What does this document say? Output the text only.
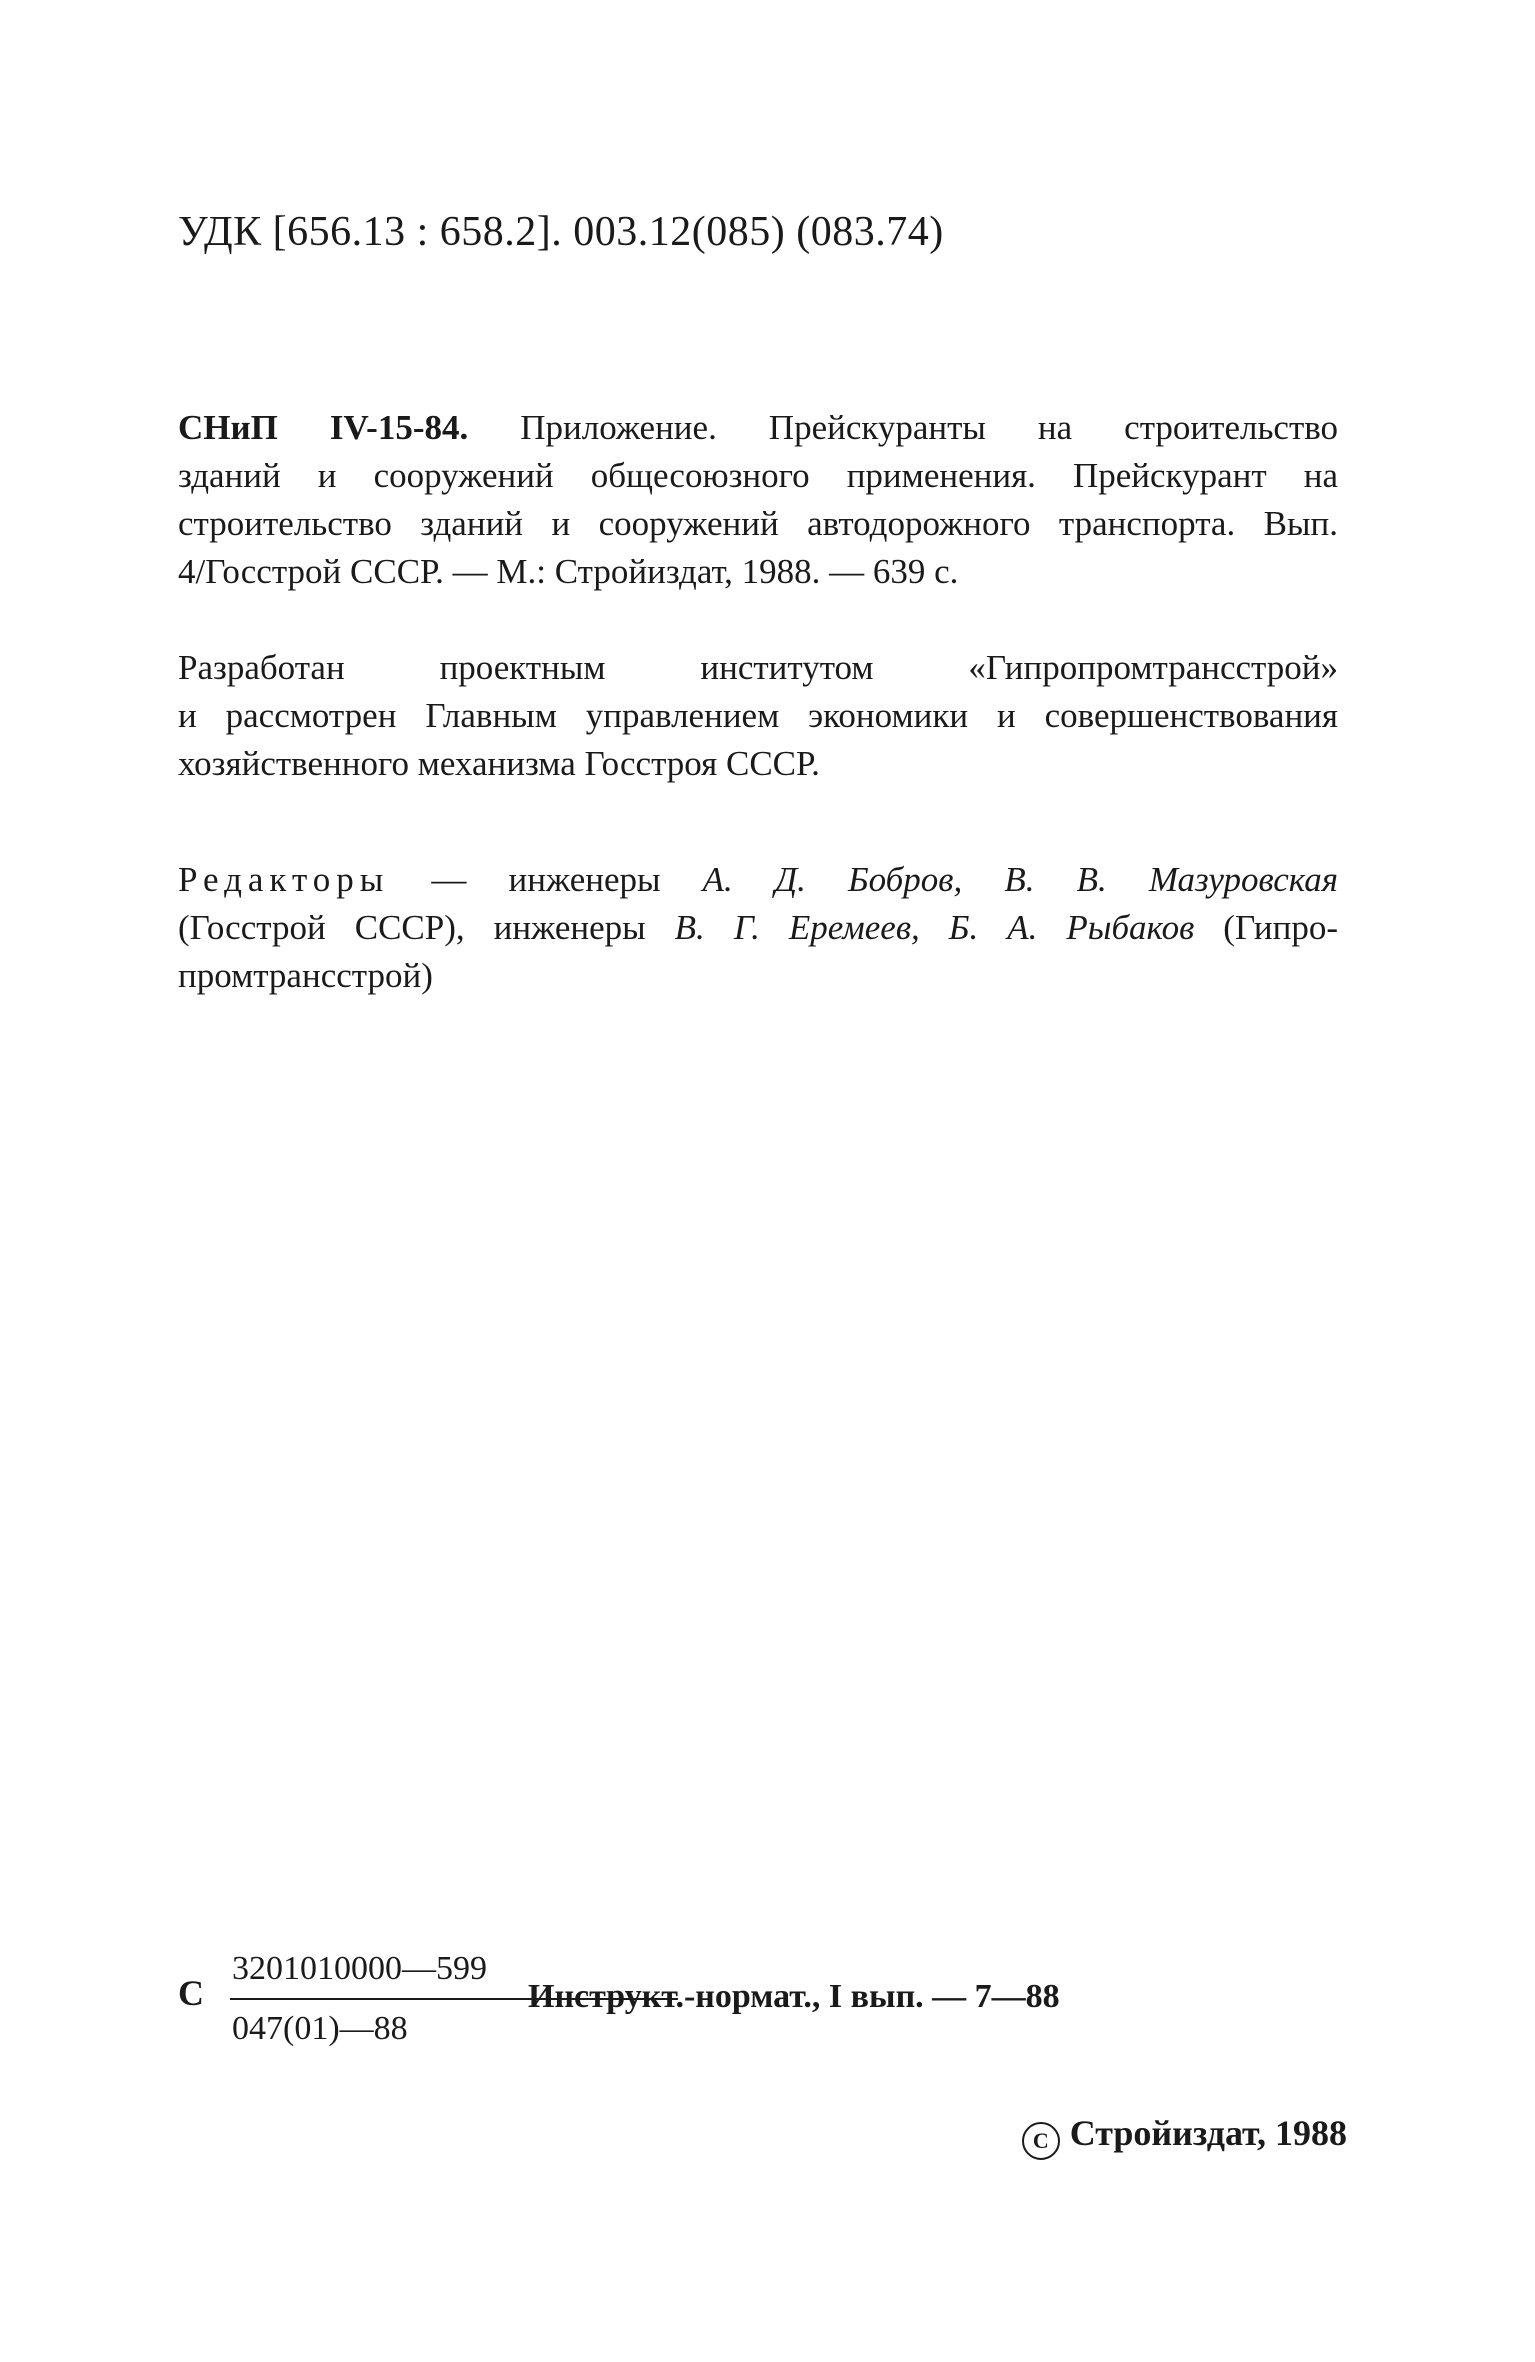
УДК [656.13 : 658.2]. 003.12(085) (083.74)
СНиП IV-15-84. Приложение. Прейскуранты на строительство
зданий и сооружений общесоюзного применения. Прейскурант на
строительство зданий и сооружений автодорожного транспорта. Вып.
4/Госстрой СССР. — М.: Стройиздат, 1988. — 639 с.
Разработан проектным институтом «Гипропромтрансстрой»
и рассмотрен Главным управлением экономики и совершенствования
хозяйственного механизма Госстроя СССР.
Редакторы — инженеры А. Д. Бобров, В. В. Мазуровская
(Госстрой СССР), инженеры В. Г. Еремеев, Б. А. Рыбаков (Гипро-
промтрансстрой)
С
3201010000—599
047(01)—88
Инструкт.-нормат., I вып. — 7—88
C Стройиздат, 1988
